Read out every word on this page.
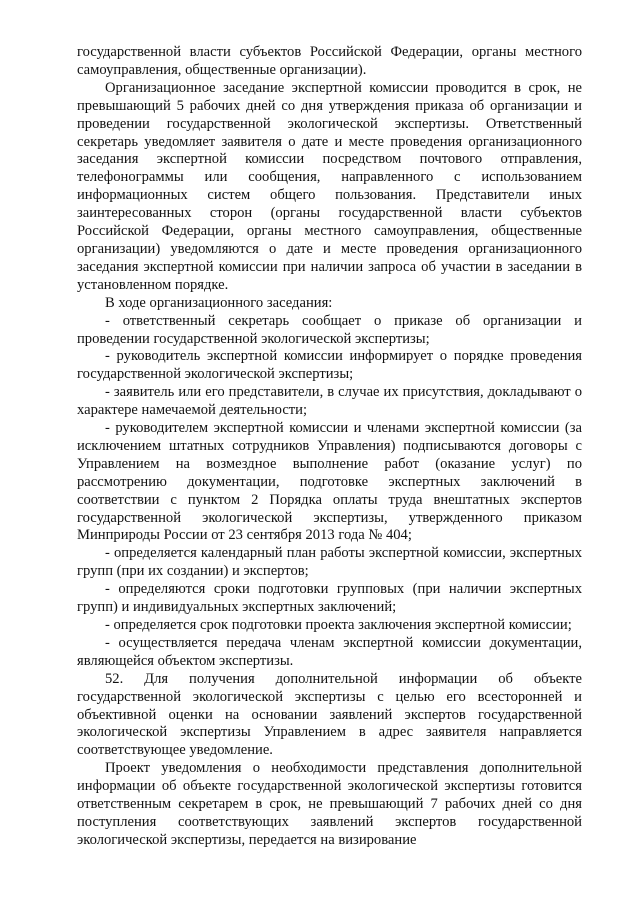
государственной власти субъектов Российской Федерации, органы местного самоуправления, общественные организации).

Организационное заседание экспертной комиссии проводится в срок, не превышающий 5 рабочих дней со дня утверждения приказа об организации и проведении государственной экологической экспертизы. Ответственный секретарь уведомляет заявителя о дате и месте проведения организационного заседания экспертной комиссии посредством почтового отправления, телефонограммы или сообщения, направленного с использованием информационных систем общего пользования. Представители иных заинтересованных сторон (органы государственной власти субъектов Российской Федерации, органы местного самоуправления, общественные организации) уведомляются о дате и месте проведения организационного заседания экспертной комиссии при наличии запроса об участии в заседании в установленном порядке.

В ходе организационного заседания:

- ответственный секретарь сообщает о приказе об организации и проведении государственной экологической экспертизы;

- руководитель экспертной комиссии информирует о порядке проведения государственной экологической экспертизы;

- заявитель или его представители, в случае их присутствия, докладывают о характере намечаемой деятельности;

- руководителем экспертной комиссии и членами экспертной комиссии (за исключением штатных сотрудников Управления) подписываются договоры с Управлением на возмездное выполнение работ (оказание услуг) по рассмотрению документации, подготовке экспертных заключений в соответствии с пунктом 2 Порядка оплаты труда внештатных экспертов государственной экологической экспертизы, утвержденного приказом Минприроды России от 23 сентября 2013 года № 404;

- определяется календарный план работы экспертной комиссии, экспертных групп (при их создании) и экспертов;

- определяются сроки подготовки групповых (при наличии экспертных групп) и индивидуальных экспертных заключений;

- определяется срок подготовки проекта заключения экспертной комиссии;

- осуществляется передача членам экспертной комиссии документации, являющейся объектом экспертизы.

52. Для получения дополнительной информации об объекте государственной экологической экспертизы с целью его всесторонней и объективной оценки на основании заявлений экспертов государственной экологической экспертизы Управлением в адрес заявителя направляется соответствующее уведомление.

Проект уведомления о необходимости представления дополнительной информации об объекте государственной экологической экспертизы готовится ответственным секретарем в срок, не превышающий 7 рабочих дней со дня поступления соответствующих заявлений экспертов государственной экологической экспертизы, передается на визирование
